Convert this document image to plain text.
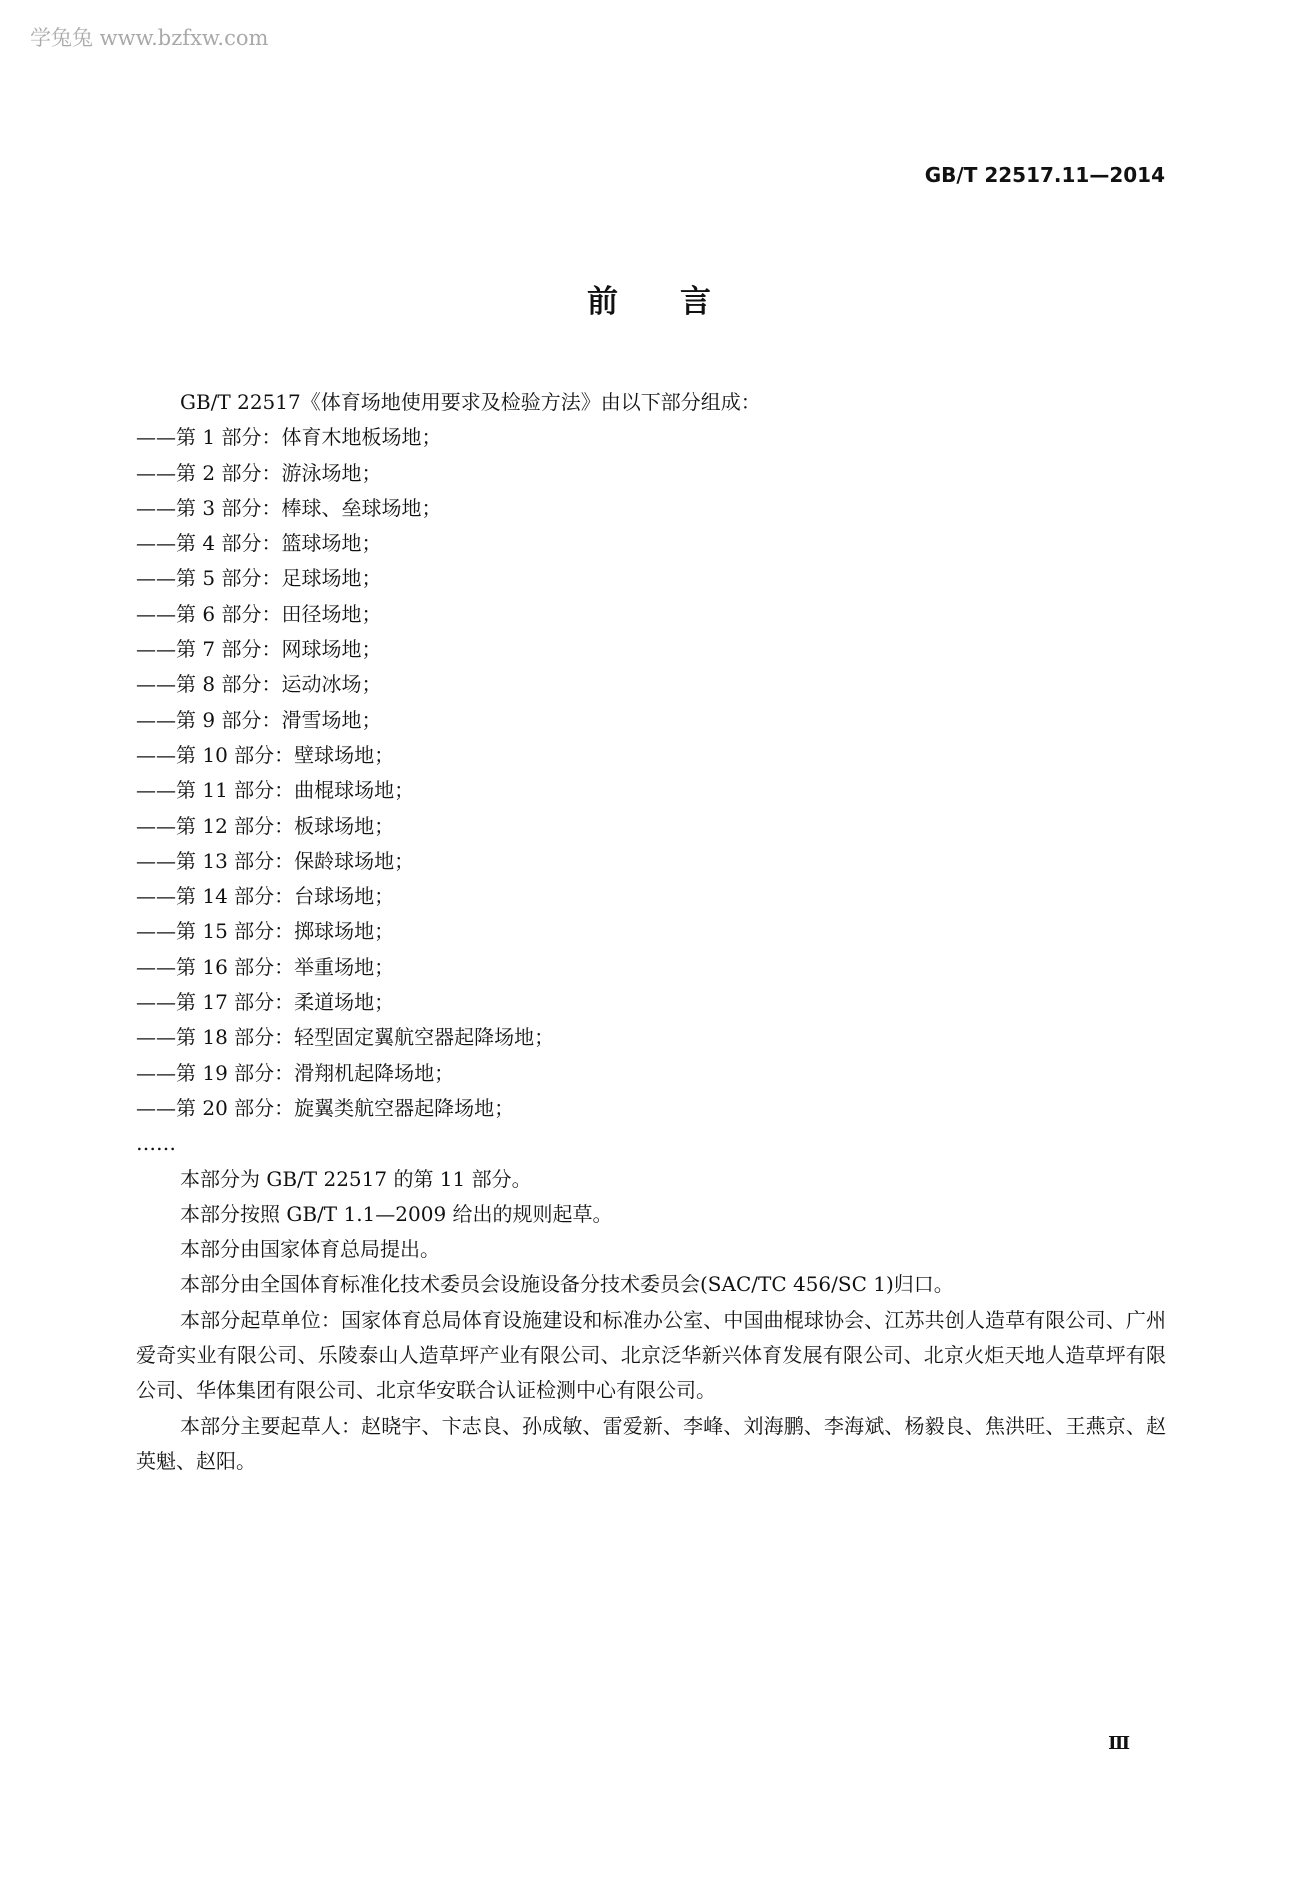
学兔兔 www.bzfxw.com
GB/T 22517.11—2014
前言
GB/T 22517《体育场地使用要求及检验方法》由以下部分组成：
——第 1 部分：体育木地板场地；
——第 2 部分：游泳场地；
——第 3 部分：棒球、垒球场地；
——第 4 部分：篮球场地；
——第 5 部分：足球场地；
——第 6 部分：田径场地；
——第 7 部分：网球场地；
——第 8 部分：运动冰场；
——第 9 部分：滑雪场地；
——第 10 部分：壁球场地；
——第 11 部分：曲棍球场地；
——第 12 部分：板球场地；
——第 13 部分：保龄球场地；
——第 14 部分：台球场地；
——第 15 部分：掷球场地；
——第 16 部分：举重场地；
——第 17 部分：柔道场地；
——第 18 部分：轻型固定翼航空器起降场地；
——第 19 部分：滑翔机起降场地；
——第 20 部分：旋翼类航空器起降场地；
……
本部分为 GB/T 22517 的第 11 部分。
本部分按照 GB/T 1.1—2009 给出的规则起草。
本部分由国家体育总局提出。
本部分由全国体育标准化技术委员会设施设备分技术委员会(SAC/TC 456/SC 1)归口。
本部分起草单位：国家体育总局体育设施建设和标准办公室、中国曲棍球协会、江苏共创人造草有限公司、广州爱奇实业有限公司、乐陵泰山人造草坪产业有限公司、北京泛华新兴体育发展有限公司、北京火炬天地人造草坪有限公司、华体集团有限公司、北京华安联合认证检测中心有限公司。
本部分主要起草人：赵晓宇、卞志良、孙成敏、雷爱新、李峰、刘海鹏、李海斌、杨毅良、焦洪旺、王燕京、赵英魁、赵阳。
Ⅲ
